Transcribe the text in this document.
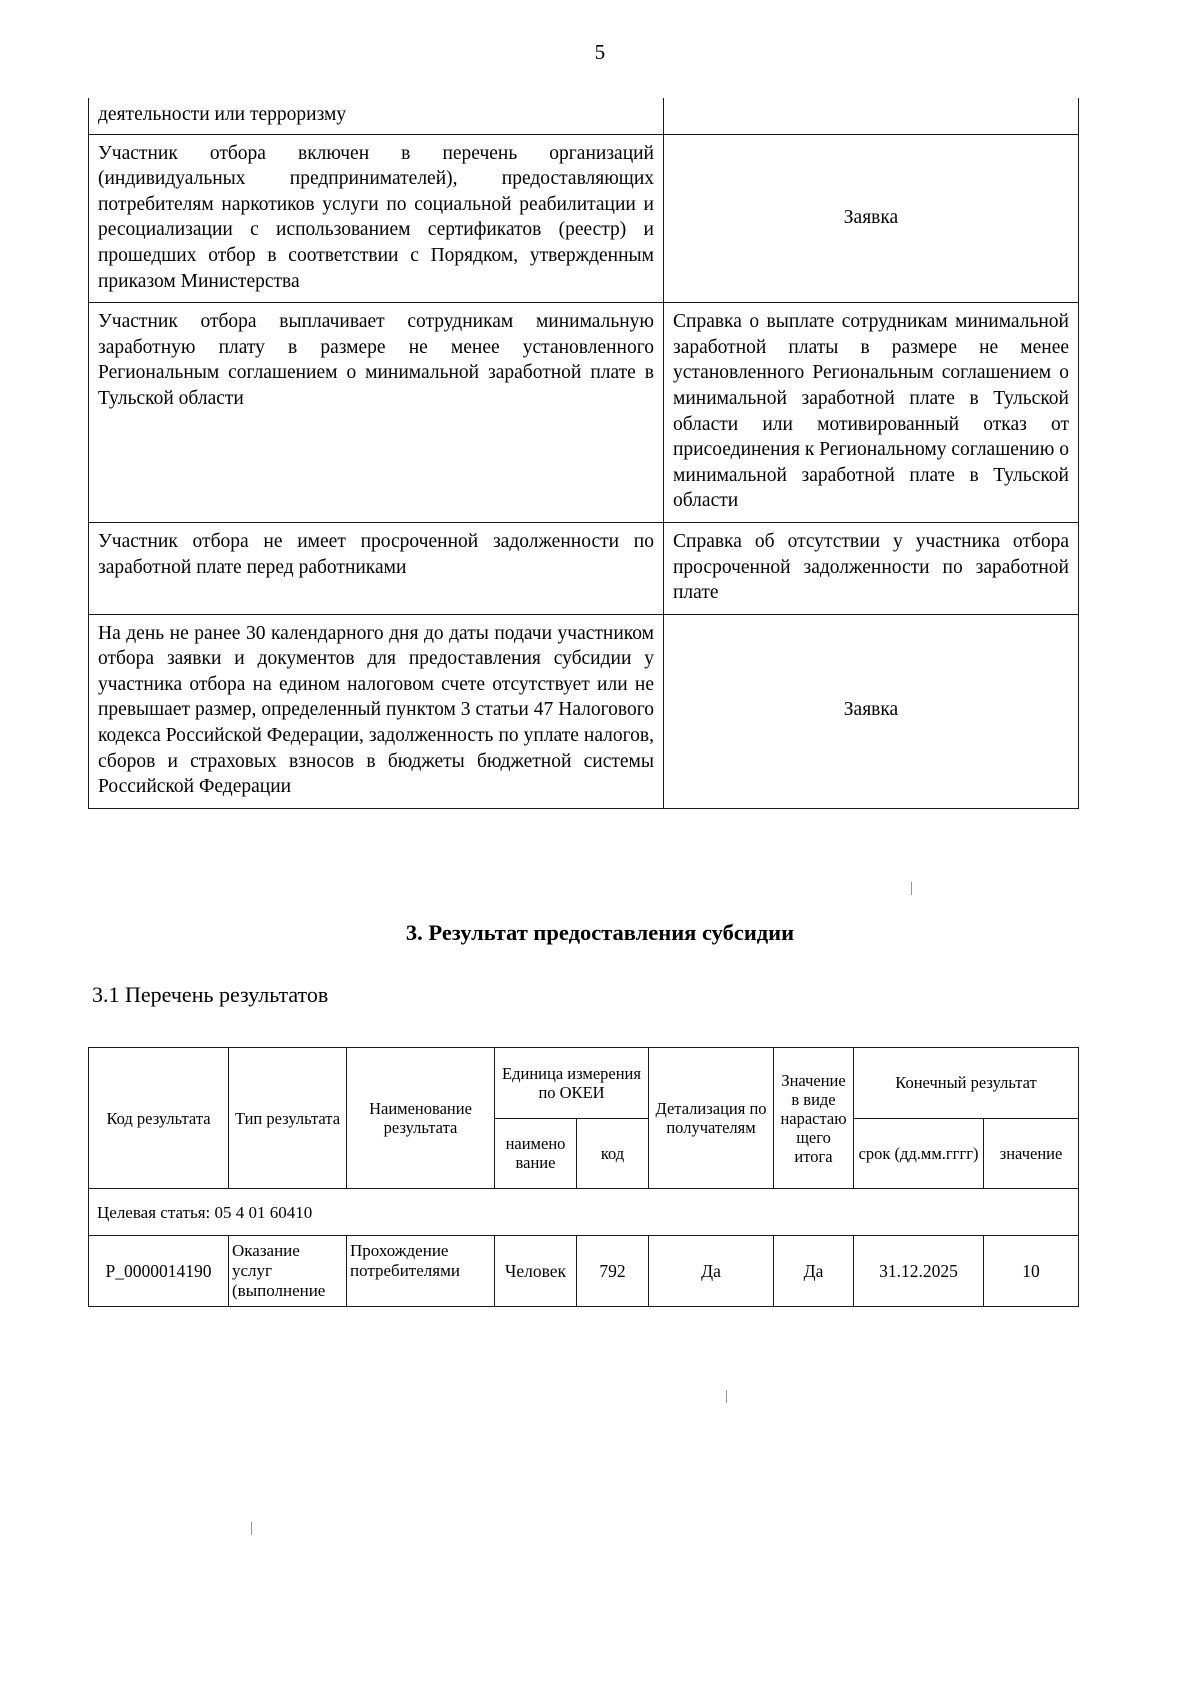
5
деятельности или терроризму	
Участник отбора включен в перечень организаций (индивидуальных предпринимателей), предоставляющих потребителям наркотиков услуги по социальной реабилитации и ресоциализации с использованием сертификатов (реестр) и прошедших отбор в соответствии с Порядком, утвержденным приказом Министерства	Заявка
Участник отбора выплачивает сотрудникам минимальную заработную плату в размере не менее установленного Региональным соглашением о минимальной заработной плате в Тульской области	Справка о выплате сотрудникам минимальной заработной платы в размере не менее установленного Региональным соглашением о минимальной заработной плате в Тульской области или мотивированный отказ от присоединения к Региональному соглашению о минимальной заработной плате в Тульской области
Участник отбора не имеет просроченной задолженности по заработной плате перед работниками	Справка об отсутствии у участника отбора просроченной задолженности по заработной плате
На день не ранее 30 календарного дня до даты подачи участником отбора заявки и документов для предоставления субсидии у участника отбора на едином налоговом счете отсутствует или не превышает размер, определенный пунктом 3 статьи 47 Налогового кодекса Российской Федерации, задолженность по уплате налогов, сборов и страховых взносов в бюджеты бюджетной системы Российской Федерации	Заявка
3. Результат предоставления субсидии
3.1 Перечень результатов
Код результата	Тип результата	Наименование результата	Единица измерения по ОКЕИ		Детализация по получателям	Значение в виде нарастаю щего итога	Конечный результат	
			наимено вание	код			срок (дд.мм.гггг)	значение
Целевая статья: 05 4 01 60410								
Р_0000014190	Оказание услуг (выполнение	Прохождение потребителями	Человек	792	Да	Да	31.12.2025	10
|
|
|
